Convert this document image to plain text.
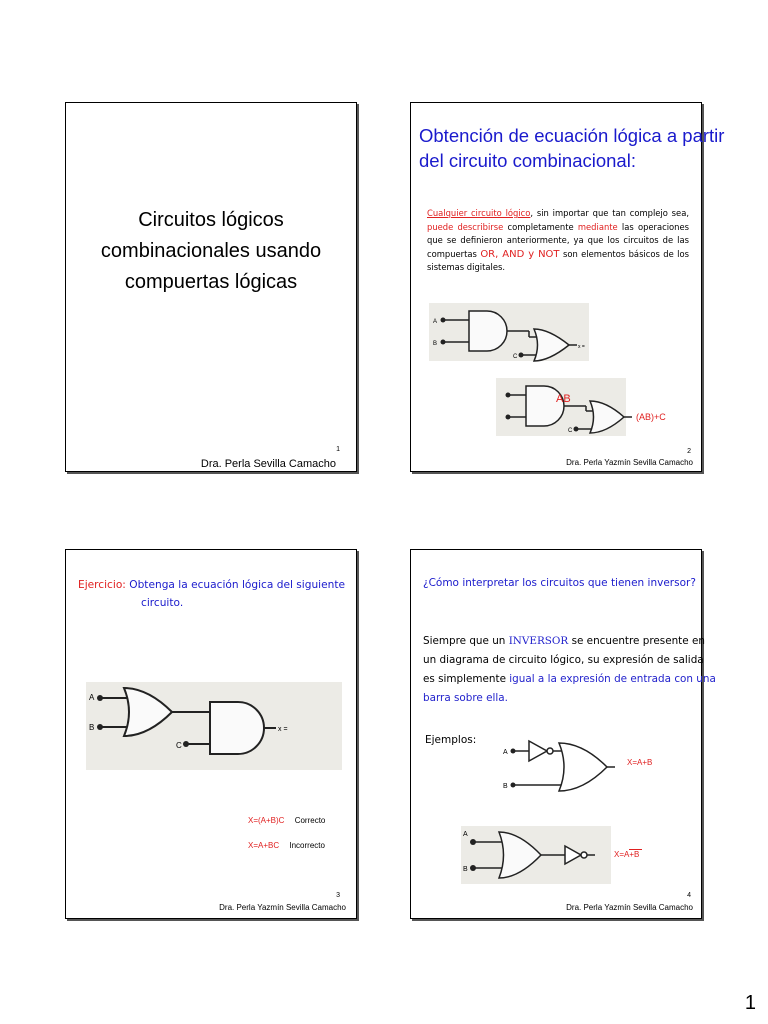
Circuitos lógicos
combinacionales usando
compuertas lógicas
1
Dra. Perla Sevilla Camacho
Obtención de ecuación lógica a partir
del circuito combinacional:
Cualquier circuito lógico, sin importar que tan complejo sea, puede describirse completamente mediante las operaciones que se definieron anteriormente, ya que los circuitos de las compuertas OR, AND y NOT son elementos básicos de los sistemas digitales.
A
B
C
x =
AB
C
(AB)+C
2
Dra. Perla Yazmín Sevilla Camacho
Ejercicio: Obtenga la ecuación lógica del siguiente
circuito.
A
B
C
x =
X=(A+B)C Correcto
X=A+BC Incorrecto
3
Dra. Perla Yazmín Sevilla Camacho
¿Cómo interpretar los circuitos que tienen inversor?
Siempre que un INVERSOR se encuentre presente en
un diagrama de circuito lógico, su expresión de salida
es simplemente igual a la expresión de entrada con una
barra sobre ella.
Ejemplos:
A
B
X=A+B
A
B
X=A+B
4
Dra. Perla Yazmín Sevilla Camacho
1
